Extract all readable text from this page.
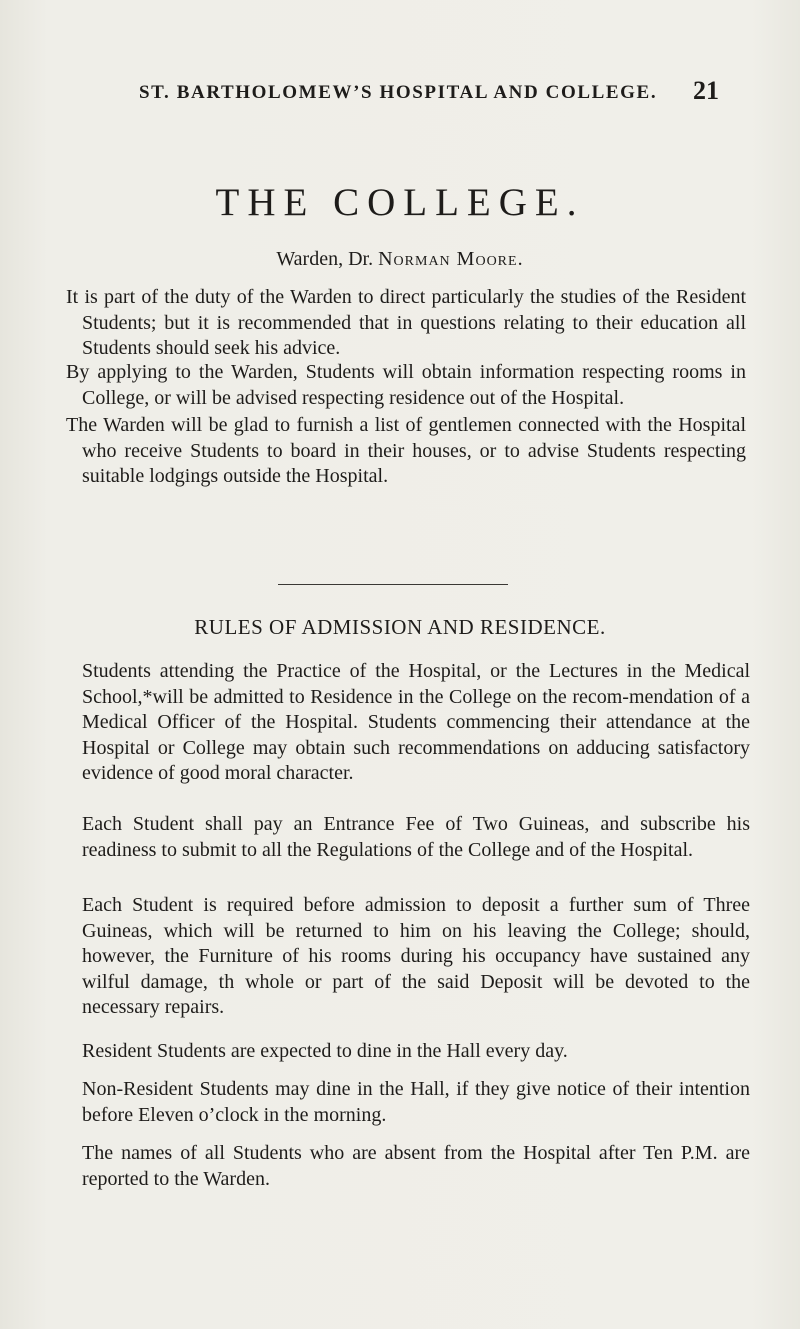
ST. BARTHOLOMEW’S HOSPITAL AND COLLEGE. 21
THE COLLEGE.
Warden, Dr. Norman Moore.

It is part of the duty of the Warden to direct particularly the studies of the Resident Students; but it is recommended that in questions relating to their education all Students should seek his advice.

By applying to the Warden, Students will obtain information respecting rooms in College, or will be advised respecting residence out of the Hospital.

The Warden will be glad to furnish a list of gentlemen connected with the Hospital who receive Students to board in their houses, or to advise Students respecting suitable lodgings outside the Hospital.

RULES OF ADMISSION AND RESIDENCE.

Students attending the Practice of the Hospital, or the Lectures in the Medical School,*will be admitted to Residence in the College on the recom-mendation of a Medical Officer of the Hospital. Students commencing their attendance at the Hospital or College may obtain such recommendations on adducing satisfactory evidence of good moral character.

Each Student shall pay an Entrance Fee of Two Guineas, and subscribe his readiness to submit to all the Regulations of the College and of the Hospital.

Each Student is required before admission to deposit a further sum of Three Guineas, which will be returned to him on his leaving the College; should, however, the Furniture of his rooms during his occupancy have sustained any wilful damage, th whole or part of the said Deposit will be devoted to the necessary repairs.

Resident Students are expected to dine in the Hall every day.

Non-Resident Students may dine in the Hall, if they give notice of their intention before Eleven o’clock in the morning.

The names of all Students who are absent from the Hospital after Ten P.M. are reported to the Warden.
